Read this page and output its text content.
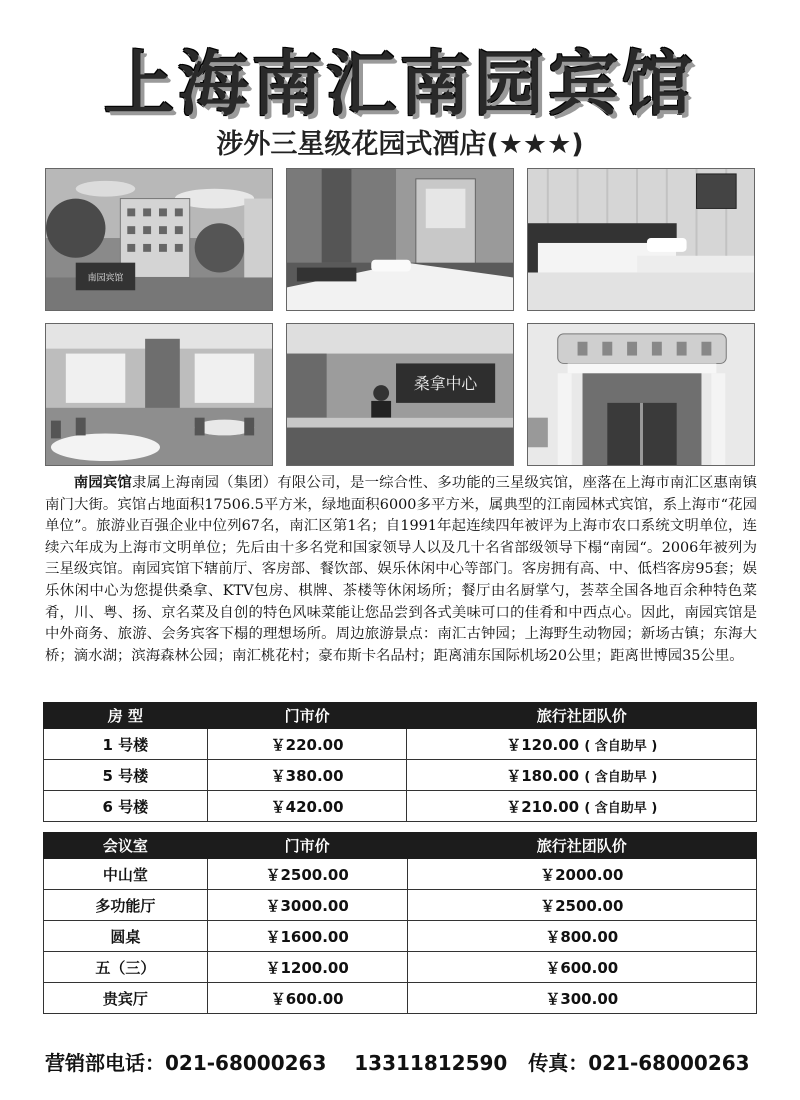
上海南汇南园宾馆
涉外三星级花园式酒店(★★★)
南园宾馆
桑拿中心

南园宾馆隶属上海南园（集团）有限公司，是一综合性、多功能的三星级宾馆，座落在上海市南汇区惠南镇南门大街。宾馆占地面积17506.5平方米，绿地面积6000多平方米，属典型的江南园林式宾馆，系上海市“花园单位”。旅游业百强企业中位列67名，南汇区第1名；自1991年起连续四年被评为上海市农口系统文明单位，连续六年成为上海市文明单位；先后由十多名党和国家领导人以及几十名省部级领导下榻“南园“。2006年被列为三星级宾馆。南园宾馆下辖前厅、客房部、餐饮部、娱乐休闲中心等部门。客房拥有高、中、低档客房95套；娱乐休闲中心为您提供桑拿、KTV包房、棋牌、茶楼等休闲场所；餐厅由名厨掌勺，荟萃全国各地百余种特色菜肴，川、粤、扬、京名菜及自创的特色风味菜能让您品尝到各式美味可口的佳肴和中西点心。因此，南园宾馆是中外商务、旅游、会务宾客下榻的理想场所。周边旅游景点：南汇古钟园；上海野生动物园；新场古镇；东海大桥；滴水湖；滨海森林公园；南汇桃花村；豪布斯卡名品村；距离浦东国际机场20公里；距离世博园35公里。

房 型	门市价	旅行社团队价
1 号楼	￥220.00	￥120.00 ( 含自助早 )
5 号楼	￥380.00	￥180.00 ( 含自助早 )
6 号楼	￥420.00	￥210.00 ( 含自助早 )
会议室	门市价	旅行社团队价
中山堂	￥2500.00	￥2000.00
多功能厅	￥3000.00	￥2500.00
圆桌	￥1600.00	￥800.00
五（三）	￥1200.00	￥600.00
贵宾厅	￥600.00	￥300.00
营销部电话：021-68000263 13311812590 传真：021-68000263
